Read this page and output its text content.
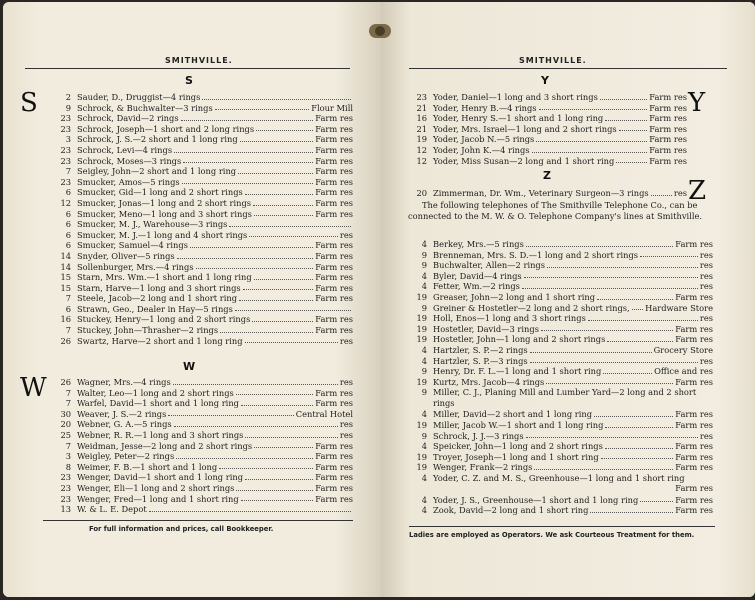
SMITHVILLE.
S
S	2 Sauder, D., Druggist—4 rings
9 Schrock, & Buchwalter—3 rings	Flour Mill
23 Schrock, David—2 rings	Farm res
23 Schrock, Joseph—1 short and 2 long rings	Farm res
3 Schrock, J. S.—2 short and 1 long ring	Farm res
23 Schrock, Levi—4 rings	Farm res
23 Schrock, Moses—3 rings	Farm res
7 Seigley, John—2 short and 1 long ring	Farm res
23 Smucker, Amos—5 rings	Farm res
6 Smucker, Gid—1 long and 2 short rings	Farm res
12 Smucker, Jonas—1 long and 2 short rings	Farm res
6 Smucker, Meno—1 long and 3 short rings	Farm res
6 Smucker, M. J., Warehouse—3 rings
6 Smucker, M. J.—1 long and 4 short rings	res
6 Smucker, Samuel—4 rings	Farm res
14 Snyder, Oliver—5 rings	Farm res
14 Sollenburger, Mrs.—4 rings	Farm res
15 Starn, Mrs. Wm.—1 short and 1 long ring	Farm res
15 Starn, Harve—1 long and 3 short rings	Farm res
7 Steele, Jacob—2 long and 1 short ring	Farm res
6 Strawn, Geo., Dealer in Hay—5 rings
16 Stuckey, Henry—1 long and 2 short rings	Farm res
7 Stuckey, John—Thrasher—2 rings	Farm res
26 Swartz, Harve—2 short and 1 long ring	res
W
W	26 Wagner, Mrs.—4 rings	res
7 Walter, Leo—1 long and 2 short rings	Farm res
7 Warfel, David—1 short and 1 long ring	Farm res
30 Weaver, J. S.—2 rings	Central Hotel
20 Webner, G. A.—5 rings	res
25 Webner, R. R.—1 long and 3 short rings	res
7 Weidman, Jesse—2 long and 2 short rings	Farm res
3 Weigley, Peter—2 rings	Farm res
8 Weimer, F. B.—1 short and 1 long	Farm res
23 Wenger, David—1 short and 1 long ring	Farm res
23 Wenger, Eli—1 long and 2 short rings	Farm res
23 Wenger, Fred—1 long and 1 short ring	Farm res
13 W. & L. E. Depot
For full information and prices, call Bookkeeper.
SMITHVILLE.
Y
Y
23 Yoder, Daniel—1 long and 3 short rings	Farm res
21 Yoder, Henry B.—4 rings	Farm res
16 Yoder, Henry S.—1 short and 1 long ring	Farm res
21 Yoder, Mrs. Israel—1 long and 2 short rings	Farm res
19 Yoder, Jacob N.—5 rings	Farm res
12 Yoder, John K.—4 rings	Farm res
12 Yoder, Miss Susan—2 long and 1 short ring	Farm res
Z
Z
20 Zimmerman, Dr. Wm., Veterinary Surgeon—3 rings	res
The following telephones of The Smithville Telephone Co., can be connected to the M. W. & O. Telephone Company's lines at Smithville.
4 Berkey, Mrs.—5 rings	Farm res
9 Brenneman, Mrs. S. D.—1 long and 2 short rings	res
9 Buchwalter, Allen—2 rings	res
4 Byler, David—4 rings	res
4 Fetter, Wm.—2 rings	res
19 Greaser, John—2 long and 1 short ring	Farm res
9 Greiner & Hostetler—2 long and 2 short rings, Hardware Store
19 Holl, Enos—1 long and 3 short rings	res
19 Hostetler, David—3 rings	Farm res
19 Hostetler, John—1 long and 2 short rings	Farm res
4 Hartzler, S. P.—2 rings	Grocery Store
4 Hartzler, S. P.—3 rings	res
9 Henry, Dr. F. L.—1 long and 1 short ring	Office and res
19 Kurtz, Mrs. Jacob—4 rings	Farm res
9 Miller, C. J., Planing Mill and Lumber Yard—2 long and 2 short rings
4 Miller, David—2 short and 1 long ring	Farm res
19 Miller, Jacob W.—1 short and 1 long ring	Farm res
9 Schrock, J. J.—3 rings	res
4 Speicker, John—1 long and 2 short rings	Farm res
19 Troyer, Joseph—1 long and 1 short ring	Farm res
19 Wenger, Frank—2 rings	Farm res
4 Yoder, C. Z. and M. S., Greenhouse—1 long and 1 short ring
Farm res
4 Yoder, J. S., Greenhouse—1 short and 1 long ring	Farm res
4 Zook, David—2 long and 1 short ring	Farm res
Ladies are employed as Operators. We ask Courteous Treatment for them.
